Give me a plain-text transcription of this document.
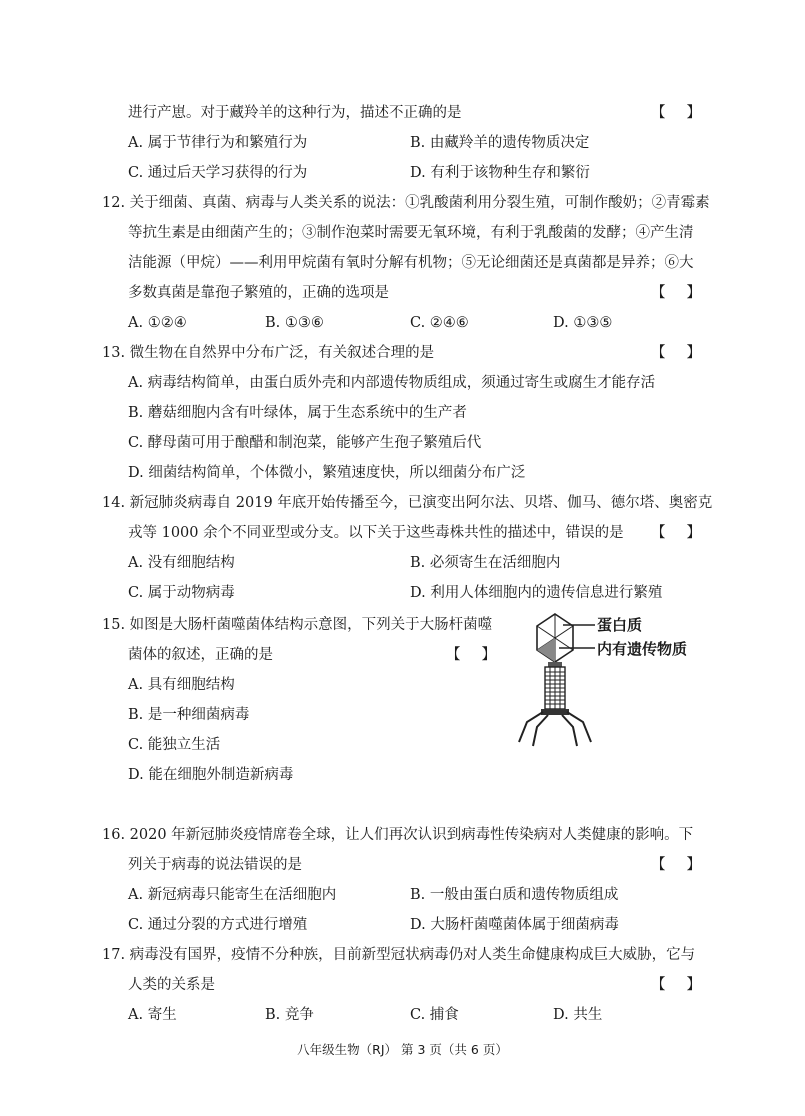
进行产崽。对于藏羚羊的这种行为，描述不正确的是	【 】
A. 属于节律行为和繁殖行为	B. 由藏羚羊的遗传物质决定
C. 通过后天学习获得的行为	D. 有利于该物种生存和繁衍
12. 关于细菌、真菌、病毒与人类关系的说法：①乳酸菌利用分裂生殖，可制作酸奶；②青霉素
等抗生素是由细菌产生的；③制作泡菜时需要无氧环境，有利于乳酸菌的发酵；④产生清
洁能源（甲烷）——利用甲烷菌有氧时分解有机物；⑤无论细菌还是真菌都是异养；⑥大
多数真菌是靠孢子繁殖的，正确的选项是	【 】
A. ①②④	B. ①③⑥	C. ②④⑥	D. ①③⑤
13. 微生物在自然界中分布广泛，有关叙述合理的是	【 】
A. 病毒结构简单，由蛋白质外壳和内部遗传物质组成，须通过寄生或腐生才能存活
B. 蘑菇细胞内含有叶绿体，属于生态系统中的生产者
C. 酵母菌可用于酿醋和制泡菜，能够产生孢子繁殖后代
D. 细菌结构简单，个体微小，繁殖速度快，所以细菌分布广泛
14. 新冠肺炎病毒自 2019 年底开始传播至今，已演变出阿尔法、贝塔、伽马、德尔塔、奥密克
戎等 1000 余个不同亚型或分支。以下关于这些毒株共性的描述中，错误的是 【 】
A. 没有细胞结构	B. 必须寄生在活细胞内
C. 属于动物病毒	D. 利用人体细胞内的遗传信息进行繁殖
15. 如图是大肠杆菌噬菌体结构示意图，下列关于大肠杆菌噬
菌体的叙述，正确的是	【 】
A. 具有细胞结构
B. 是一种细菌病毒
C. 能独立生活
D. 能在细胞外制造新病毒
蛋白质
内有遗传物质
16. 2020 年新冠肺炎疫情席卷全球，让人们再次认识到病毒性传染病对人类健康的影响。下
列关于病毒的说法错误的是	【 】
A. 新冠病毒只能寄生在活细胞内	B. 一般由蛋白质和遗传物质组成
C. 通过分裂的方式进行增殖	D. 大肠杆菌噬菌体属于细菌病毒
17. 病毒没有国界，疫情不分种族，目前新型冠状病毒仍对人类生命健康构成巨大威胁，它与
人类的关系是	【 】
A. 寄生	B. 竞争	C. 捕食	D. 共生
八年级生物（RJ） 第 3 页（共 6 页）
